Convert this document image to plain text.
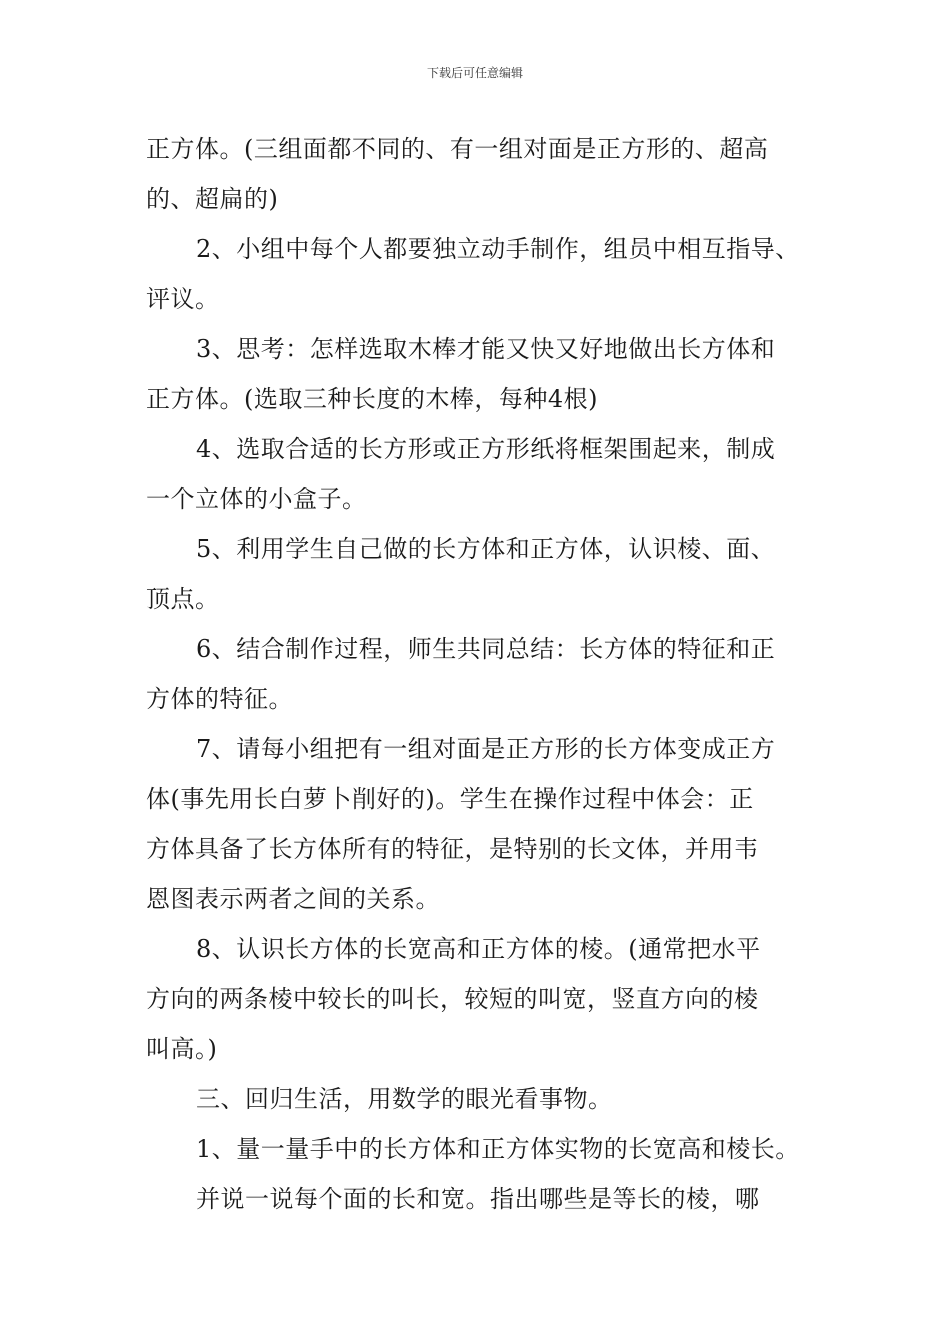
下载后可任意编辑
正方体。(三组面都不同的、有一组对面是正方形的、超高
的、超扁的)
2、小组中每个人都要独立动手制作，组员中相互指导、
评议。
3、思考：怎样选取木棒才能又快又好地做出长方体和
正方体。(选取三种长度的木棒，每种4根)
4、选取合适的长方形或正方形纸将框架围起来，制成
一个立体的小盒子。
5、利用学生自己做的长方体和正方体，认识棱、面、
顶点。
6、结合制作过程，师生共同总结：长方体的特征和正
方体的特征。
7、请每小组把有一组对面是正方形的长方体变成正方
体(事先用长白萝卜削好的)。学生在操作过程中体会：正
方体具备了长方体所有的特征，是特别的长文体，并用韦
恩图表示两者之间的关系。
8、认识长方体的长宽高和正方体的棱。(通常把水平
方向的两条棱中较长的叫长，较短的叫宽，竖直方向的棱
叫高。)
三、回归生活，用数学的眼光看事物。
1、量一量手中的长方体和正方体实物的长宽高和棱长。
并说一说每个面的长和宽。指出哪些是等长的棱，哪
